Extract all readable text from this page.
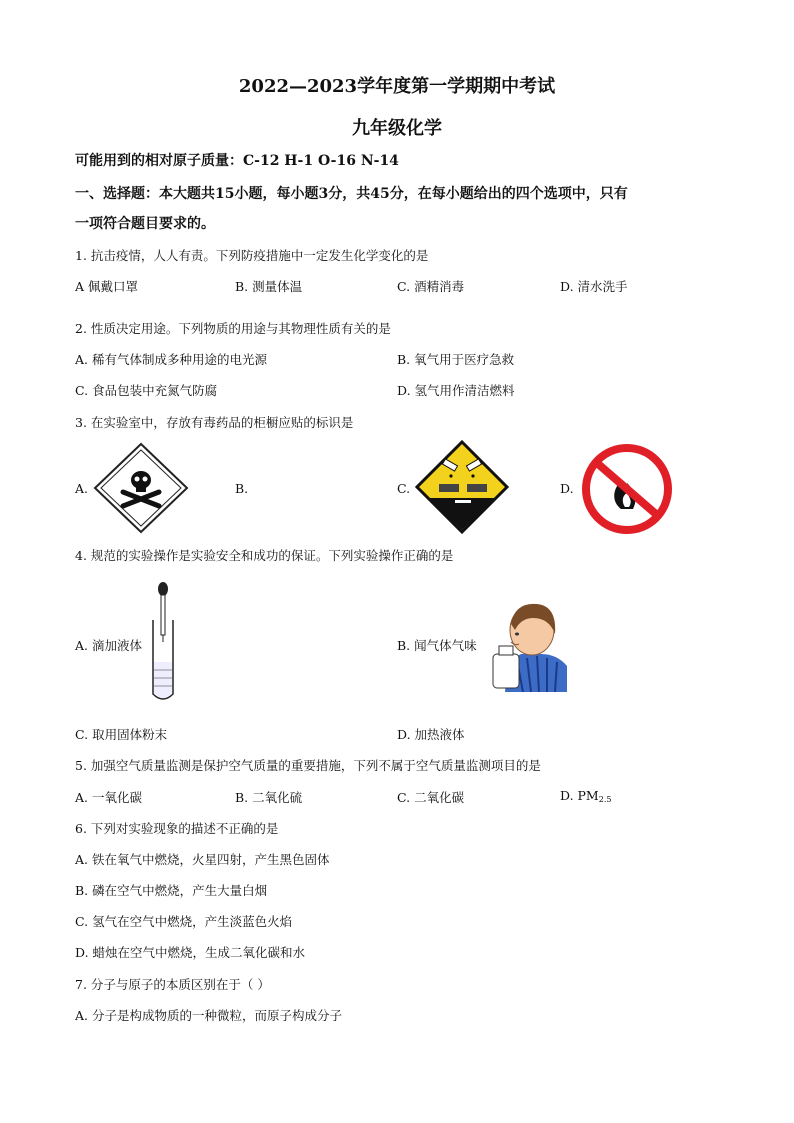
2022—2023学年度第一学期期中考试
九年级化学
可能用到的相对原子质量：C-12 H-1 O-16 N-14
一、选择题：本大题共15小题，每小题3分，共45分，在每小题给出的四个选项中，只有
一项符合题目要求的。
1. 抗击疫情，人人有责。下列防疫措施中一定发生化学变化的是
A 佩戴口罩	B. 测量体温	C. 酒精消毒	D. 清水洗手
2. 性质决定用途。下列物质的用途与其物理性质有关的是
A. 稀有气体制成多种用途的电光源	B. 氧气用于医疗急救
C. 食品包装中充氮气防腐	D. 氢气用作清洁燃料
3. 在实验室中，存放有毒药品的柜橱应贴的标识是
A.	B.	C.	D.
4. 规范的实验操作是实验安全和成功的保证。下列实验操作正确的是
A. 滴加液体	B. 闻气体气味
C. 取用固体粉末	D. 加热液体
5. 加强空气质量监测是保护空气质量的重要措施，下列不属于空气质量监测项目的是
A. 一氧化碳	B. 二氧化硫	C. 二氧化碳	D. $PM_{2.5}$
6. 下列对实验现象的描述不正确的是
A. 铁在氧气中燃烧，火星四射，产生黑色固体
B. 磷在空气中燃烧，产生大量白烟
C. 氢气在空气中燃烧，产生淡蓝色火焰
D. 蜡烛在空气中燃烧，生成二氧化碳和水
7. 分子与原子的本质区别在于（ ）
A. 分子是构成物质的一种微粒，而原子构成分子
